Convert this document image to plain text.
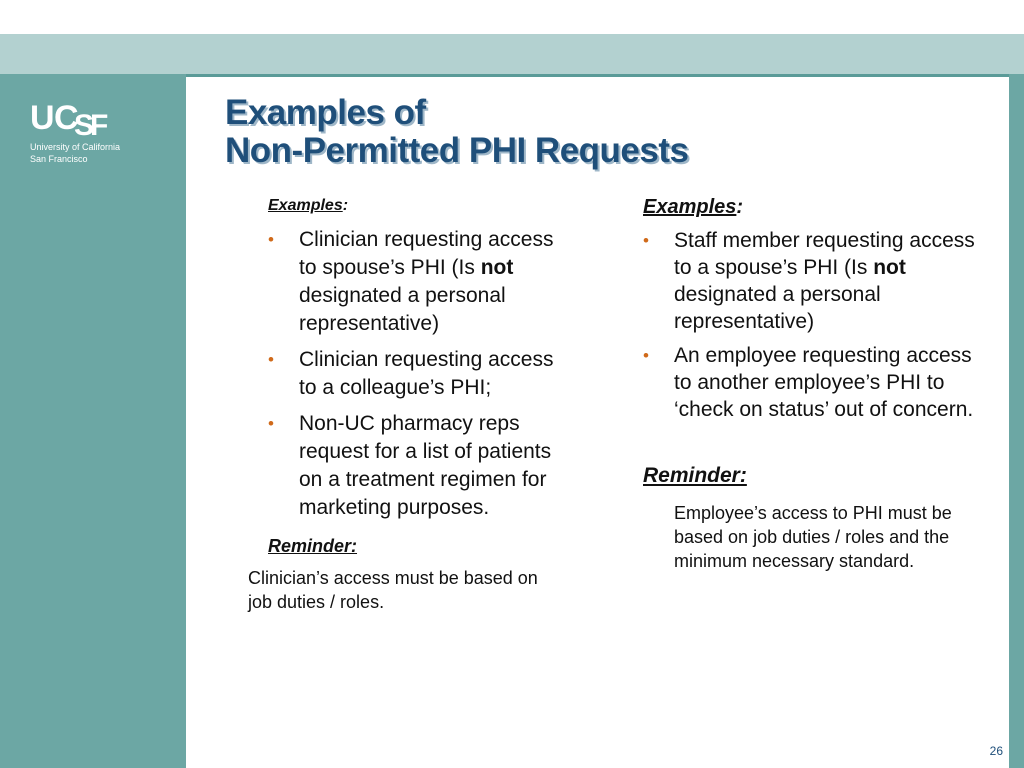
U C
S
F
University of California
San Francisco
Examples of
Non-Permitted PHI Requests
Examples:
• Clinician requesting access to spouse’s PHI (Is not designated a personal representative)
• Clinician requesting access to a colleague’s PHI;
• Non-UC pharmacy reps request for a list of patients on a treatment regimen for marketing purposes.
Reminder:
Clinician’s access must be based on job duties / roles.
Examples:
• Staff member requesting access to a spouse’s PHI (Is not designated a personal representative)
• An employee requesting access to another employee’s PHI to ‘check on status’ out of concern.
Reminder:
Employee’s access to PHI must be based on job duties / roles and the minimum necessary standard.
26
